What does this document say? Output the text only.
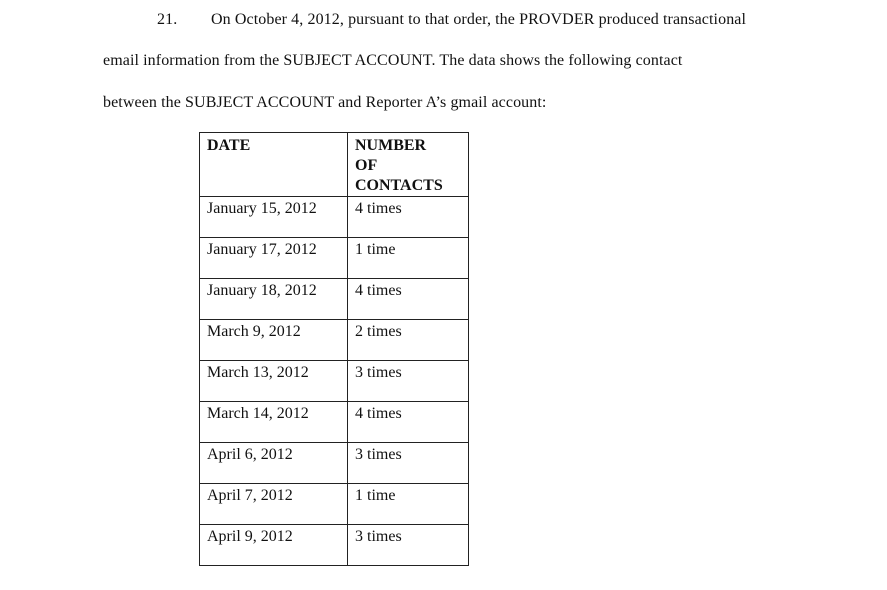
21. On October 4, 2012, pursuant to that order, the PROVDER produced transactional
email information from the SUBJECT ACCOUNT. The data shows the following contact
between the SUBJECT ACCOUNT and Reporter A’s gmail account:
DATE	NUMBER
OF
CONTACTS

January 15, 2012	4 times
January 17, 2012	1 time
January 18, 2012	4 times
March 9, 2012	2 times
March 13, 2012	3 times
March 14, 2012	4 times
April 6, 2012	3 times
April 7, 2012	1 time
April 9, 2012	3 times
